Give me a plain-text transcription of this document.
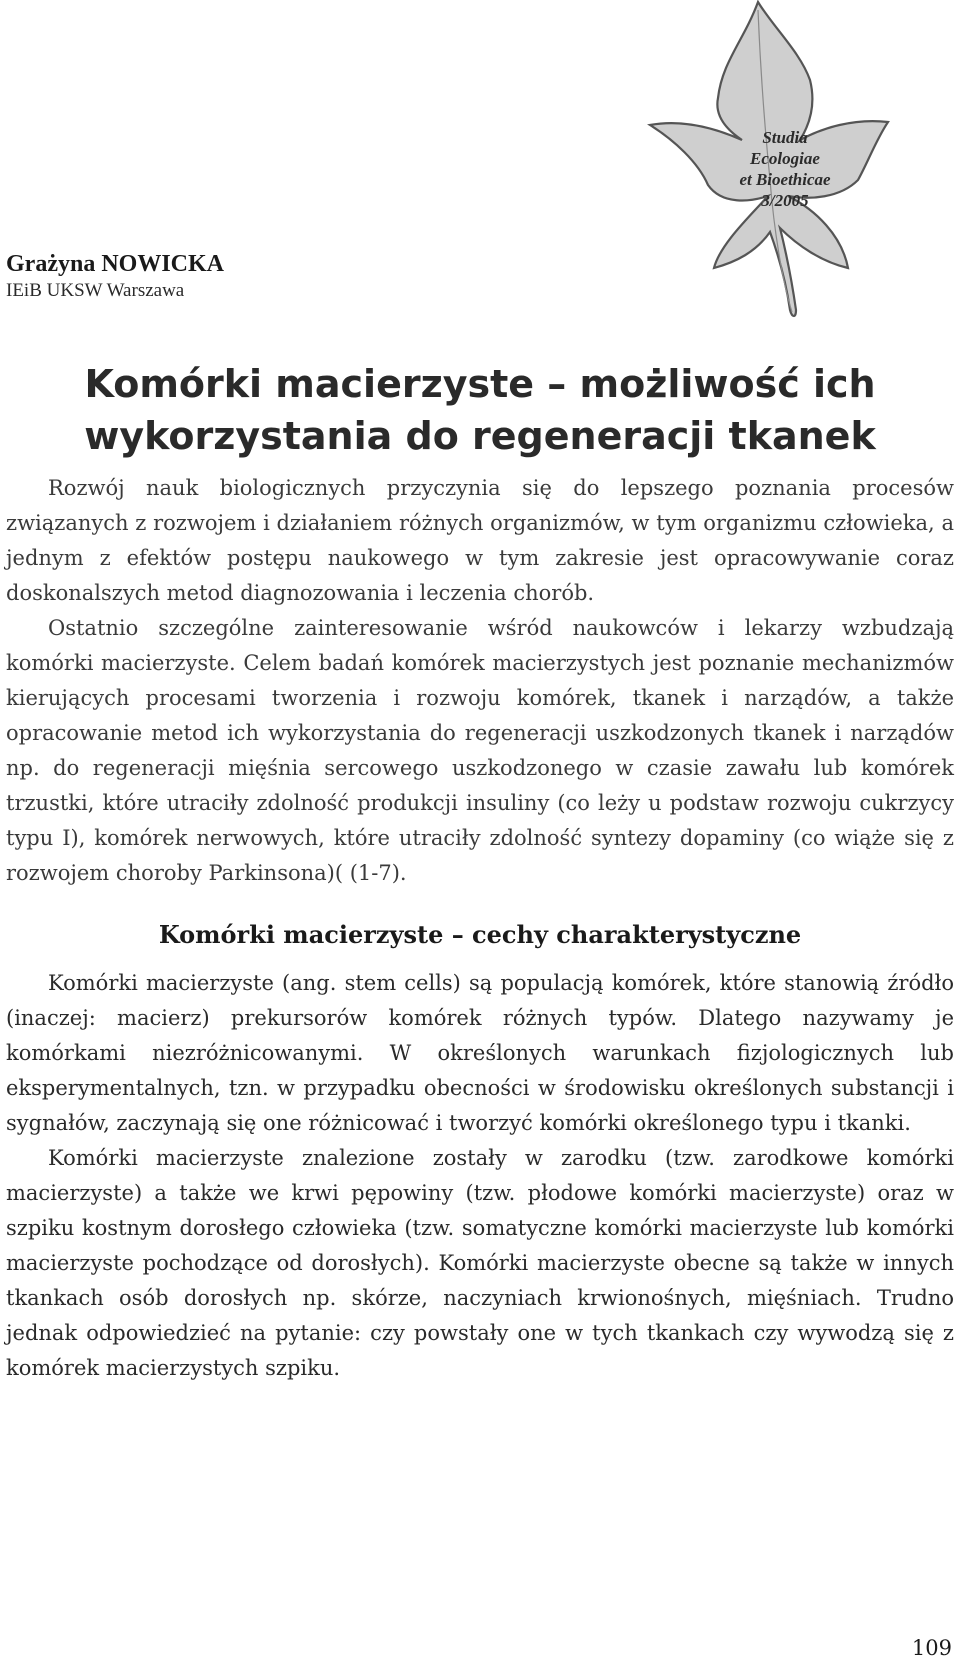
Studia
Ecologiae
et Bioethicae
3/2005
Grażyna NOWICKA
IEiB UKSW Warszawa
Komórki macierzyste – możliwość ich wykorzystania do regeneracji tkanek

Rozwój nauk biologicznych przyczynia się do lepszego poznania procesów związanych z rozwojem i działaniem różnych organizmów, w tym organizmu człowieka, a jednym z efektów postępu naukowego w tym zakresie jest opracowywanie coraz doskonalszych metod diagnozowania i leczenia chorób.

Ostatnio szczególne zainteresowanie wśród naukowców i lekarzy wzbudzają komórki macierzyste. Celem badań komórek macierzystych jest poznanie mechanizmów kierujących procesami tworzenia i rozwoju komórek, tkanek i narządów, a także opracowanie metod ich wykorzystania do regeneracji uszkodzonych tkanek i narządów np. do regeneracji mięśnia sercowego uszkodzonego w czasie zawału lub komórek trzustki, które utraciły zdolność produkcji insuliny (co leży u podstaw rozwoju cukrzycy typu I), komórek nerwowych, które utraciły zdolność syntezy dopaminy (co wiąże się z rozwojem choroby Parkinsona)( (1-7).

Komórki macierzyste – cechy charakterystyczne

Komórki macierzyste (ang. stem cells) są populacją komórek, które stanowią źródło (inaczej: macierz) prekursorów komórek różnych typów. Dlatego nazywamy je komórkami niezróżnicowanymi. W określonych warunkach fizjologicznych lub eksperymentalnych, tzn. w przypadku obecności w środowisku określonych substancji i sygnałów, zaczynają się one różnicować i tworzyć komórki określonego typu i tkanki.

Komórki macierzyste znalezione zostały w zarodku (tzw. zarodkowe komórki macierzyste) a także we krwi pępowiny (tzw. płodowe komórki macierzyste) oraz w szpiku kostnym dorosłego człowieka (tzw. somatyczne komórki macierzyste lub komórki macierzyste pochodzące od dorosłych). Komórki macierzyste obecne są także w innych tkankach osób dorosłych np. skórze, naczyniach krwionośnych, mięśniach. Trudno jednak odpowiedzieć na pytanie: czy powstały one w tych tkankach czy wywodzą się z komórek macierzystych szpiku.

109
